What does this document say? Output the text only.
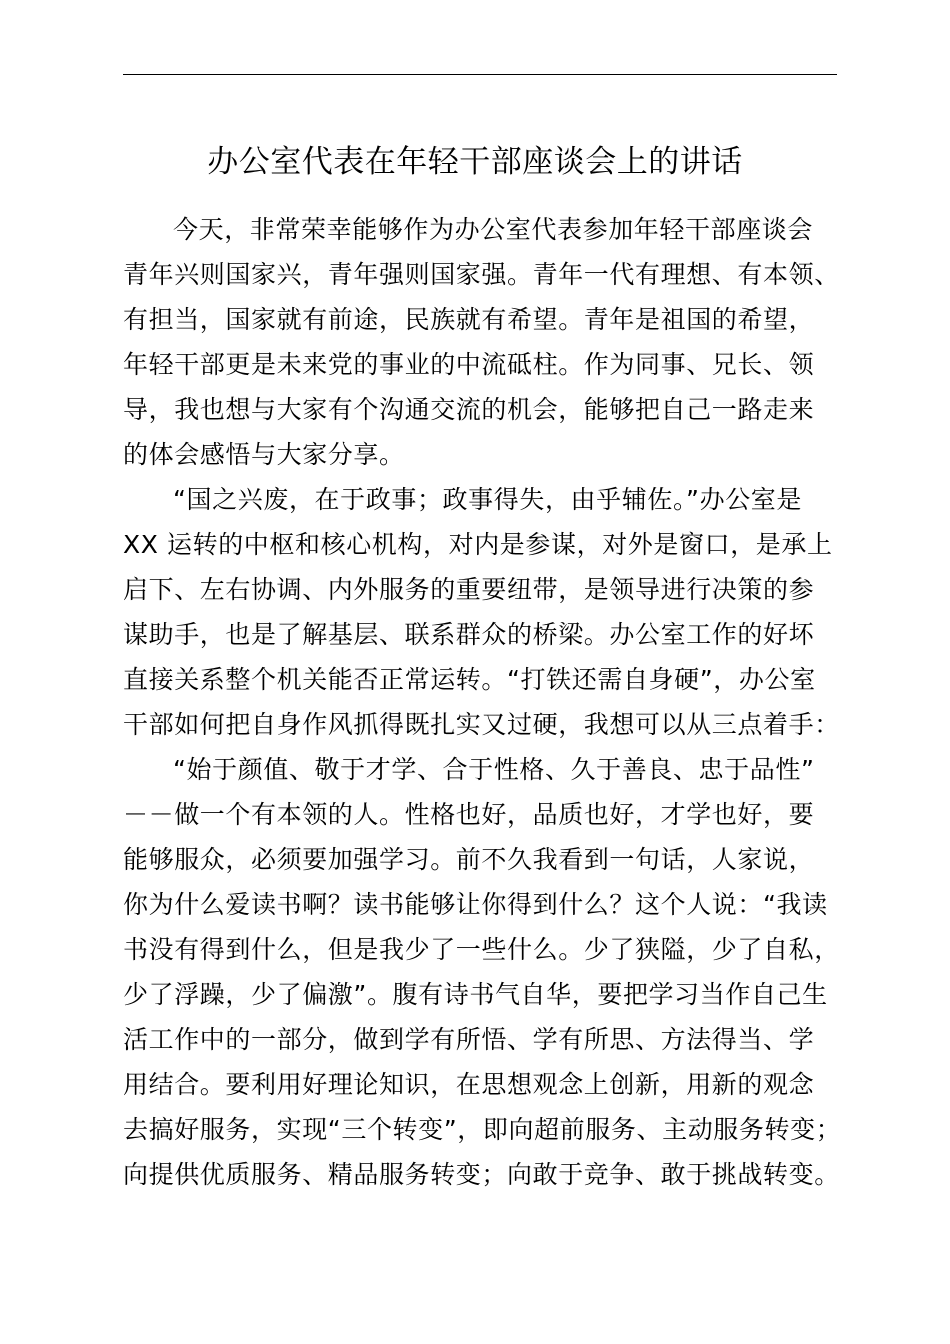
办公室代表在年轻干部座谈会上的讲话
今天，非常荣幸能够作为办公室代表参加年轻干部座谈会
青年兴则国家兴，青年强则国家强。青年一代有理想、有本领、
有担当，国家就有前途，民族就有希望。青年是祖国的希望，
年轻干部更是未来党的事业的中流砥柱。作为同事、兄长、领
导，我也想与大家有个沟通交流的机会，能够把自己一路走来
的体会感悟与大家分享。
“国之兴废，在于政事；政事得失，由乎辅佐。”办公室是
XX 运转的中枢和核心机构，对内是参谋，对外是窗口，是承上
启下、左右协调、内外服务的重要纽带，是领导进行决策的参
谋助手，也是了解基层、联系群众的桥梁。办公室工作的好坏
直接关系整个机关能否正常运转。“打铁还需自身硬”，办公室
干部如何把自身作风抓得既扎实又过硬，我想可以从三点着手：
“始于颜值、敬于才学、合于性格、久于善良、忠于品性”
－－做一个有本领的人。性格也好，品质也好，才学也好，要
能够服众，必须要加强学习。前不久我看到一句话，人家说，
你为什么爱读书啊？读书能够让你得到什么？这个人说：“我读
书没有得到什么，但是我少了一些什么。少了狭隘，少了自私，
少了浮躁，少了偏激”。腹有诗书气自华，要把学习当作自己生
活工作中的一部分，做到学有所悟、学有所思、方法得当、学
用结合。要利用好理论知识，在思想观念上创新，用新的观念
去搞好服务，实现“三个转变”，即向超前服务、主动服务转变；
向提供优质服务、精品服务转变；向敢于竞争、敢于挑战转变。
